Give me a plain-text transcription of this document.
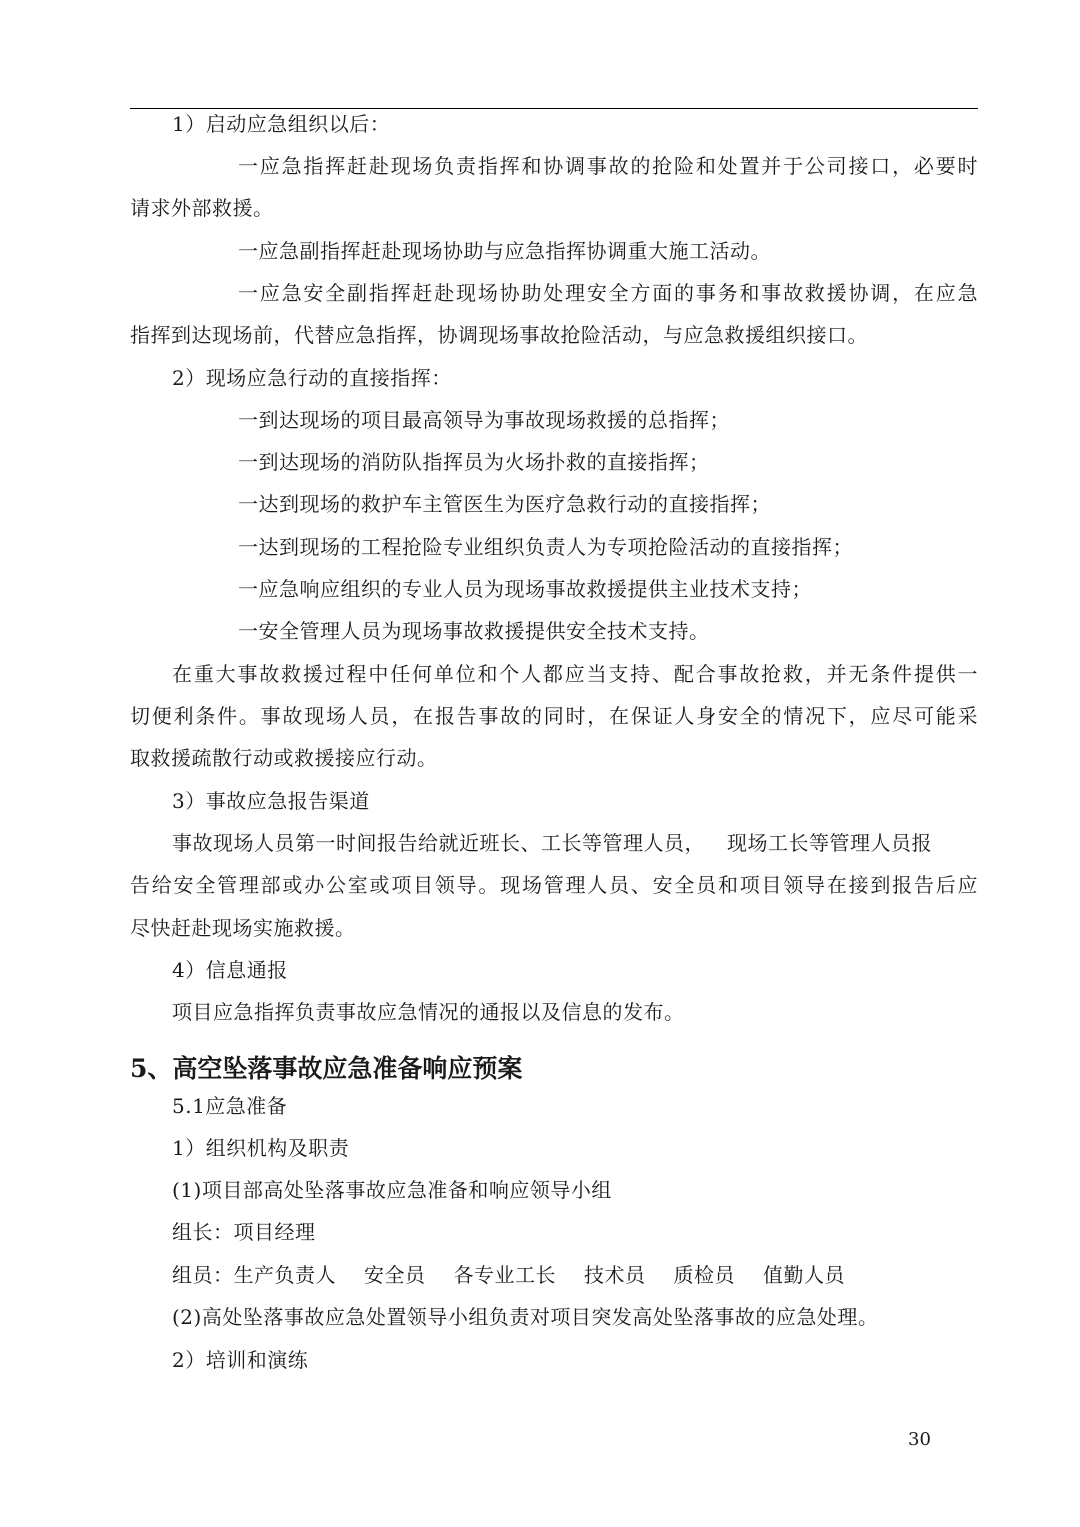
1）启动应急组织以后：
一应急指挥赶赴现场负责指挥和协调事故的抢险和处置并于公司接口，必要时
请求外部救援。
一应急副指挥赶赴现场协助与应急指挥协调重大施工活动。
一应急安全副指挥赶赴现场协助处理安全方面的事务和事故救援协调，在应急
指挥到达现场前，代替应急指挥，协调现场事故抢险活动，与应急救援组织接口。
2）现场应急行动的直接指挥：
一到达现场的项目最高领导为事故现场救援的总指挥；
一到达现场的消防队指挥员为火场扑救的直接指挥；
一达到现场的救护车主管医生为医疗急救行动的直接指挥；
一达到现场的工程抢险专业组织负责人为专项抢险活动的直接指挥；
一应急响应组织的专业人员为现场事故救援提供主业技术支持；
一安全管理人员为现场事故救援提供安全技术支持。
在重大事故救援过程中任何单位和个人都应当支持、配合事故抢救，并无条件提供一
切便利条件。事故现场人员，在报告事故的同时，在保证人身安全的情况下，应尽可能采
取救援疏散行动或救援接应行动。
3）事故应急报告渠道
事故现场人员第一时间报告给就近班长、工长等管理人员， 现场工长等管理人员报
告给安全管理部或办公室或项目领导。现场管理人员、安全员和项目领导在接到报告后应
尽快赶赴现场实施救援。
4）信息通报
项目应急指挥负责事故应急情况的通报以及信息的发布。
5、高空坠落事故应急准备响应预案
5.1应急准备
1）组织机构及职责
(1)项目部高处坠落事故应急准备和响应领导小组
组长：项目经理
组员：生产负责人 安全员 各专业工长 技术员 质检员 值勤人员
(2)高处坠落事故应急处置领导小组负责对项目突发高处坠落事故的应急处理。
2）培训和演练
30
